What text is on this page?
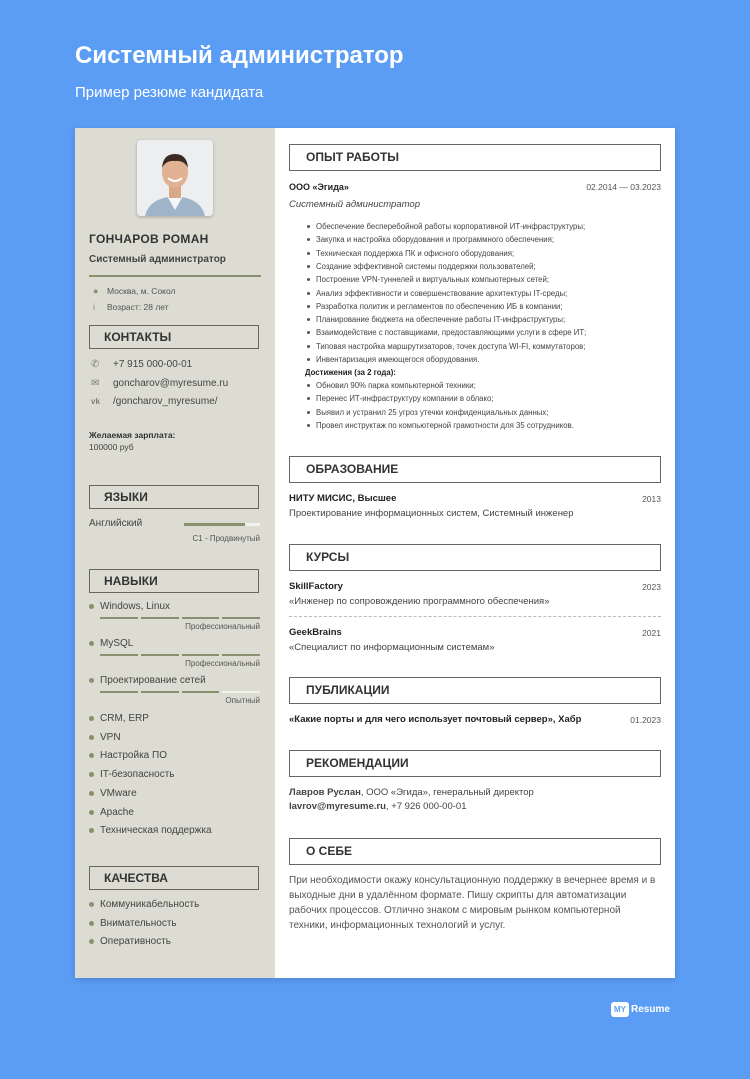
Системный администратор
Пример резюме кандидата
ГОНЧАРОВ РОМАН
Системный администратор
●	Москва, м. Сокол
i	Возраст: 28 лет
КОНТАКТЫ
✆	+7 915 000-00-01
✉	goncharov@myresume.ru
vk	/goncharov_myresume/
Желаемая зарплата:
100000 руб
ЯЗЫКИ
Английский
C1 - Продвинутый
НАВЫКИ
КАЧЕСТВА
Windows, Linux
Профессиональный
MySQL
Профессиональный
Проектирование сетей
Опытный
CRM, ERP
VPN
Настройка ПО
IT-безопасность
VMware
Apache
Техническая поддержка
Коммуникабельность
Внимательность
Оперативность
ОПЫТ РАБОТЫ
ООО «Эгида»	02.2014 — 03.2023
Системный администратор
Достижения (за 2 года):
ОБРАЗОВАНИЕ
НИТУ МИСИС, Высшее	2013
Проектирование информационных систем, Системный инженер
КУРСЫ
SkillFactory	2023
«Инженер по сопровождению программного обеспечения»
GeekBrains	2021
«Специалист по информационным системам»
ПУБЛИКАЦИИ
«Какие порты и для чего использует почтовый сервер», Хабр	01.2023
РЕКОМЕНДАЦИИ
Лавров Руслан, ООО «Эгида», генеральный директор
lavrov@myresume.ru, +7 926 000-00-01
О СЕБЕ
При необходимости окажу консультационную поддержку в вечернее время и в выходные дни в удалённом формате. Пишу скрипты для автоматизации рабочих процессов. Отлично знаком с мировым рынком компьютерной техники, информационных технологий и услуг.
Обеспечение бесперебойной работы корпоративной ИТ-инфраструктуры;
Закупка и настройка оборудования и программного обеспечения;
Техническая поддержка ПК и офисного оборудования;
Создание эффективной системы поддержки пользователей;
Построение VPN-туннелей и виртуальных компьютерных сетей;
Анализ эффективности и совершенствование архитектуры IT-среды;
Разработка политик и регламентов по обеспечению ИБ в компании;
Планирование бюджета на обеспечение работы IT-инфраструктуры;
Взаимодействие с поставщиками, предоставляющими услуги в сфере ИТ;
Типовая настройка маршрутизаторов, точек доступа WI-FI, коммутаторов;
Инвентаризация имеющегося оборудования.
Обновил 90% парка компьютерной техники;
Перенес ИТ-инфраструктуру компании в облако;
Выявил и устранил 25 угроз утечки конфиденциальных данных;
Провел инструктаж по компьютерной грамотности для 35 сотрудников.
MY Resume
